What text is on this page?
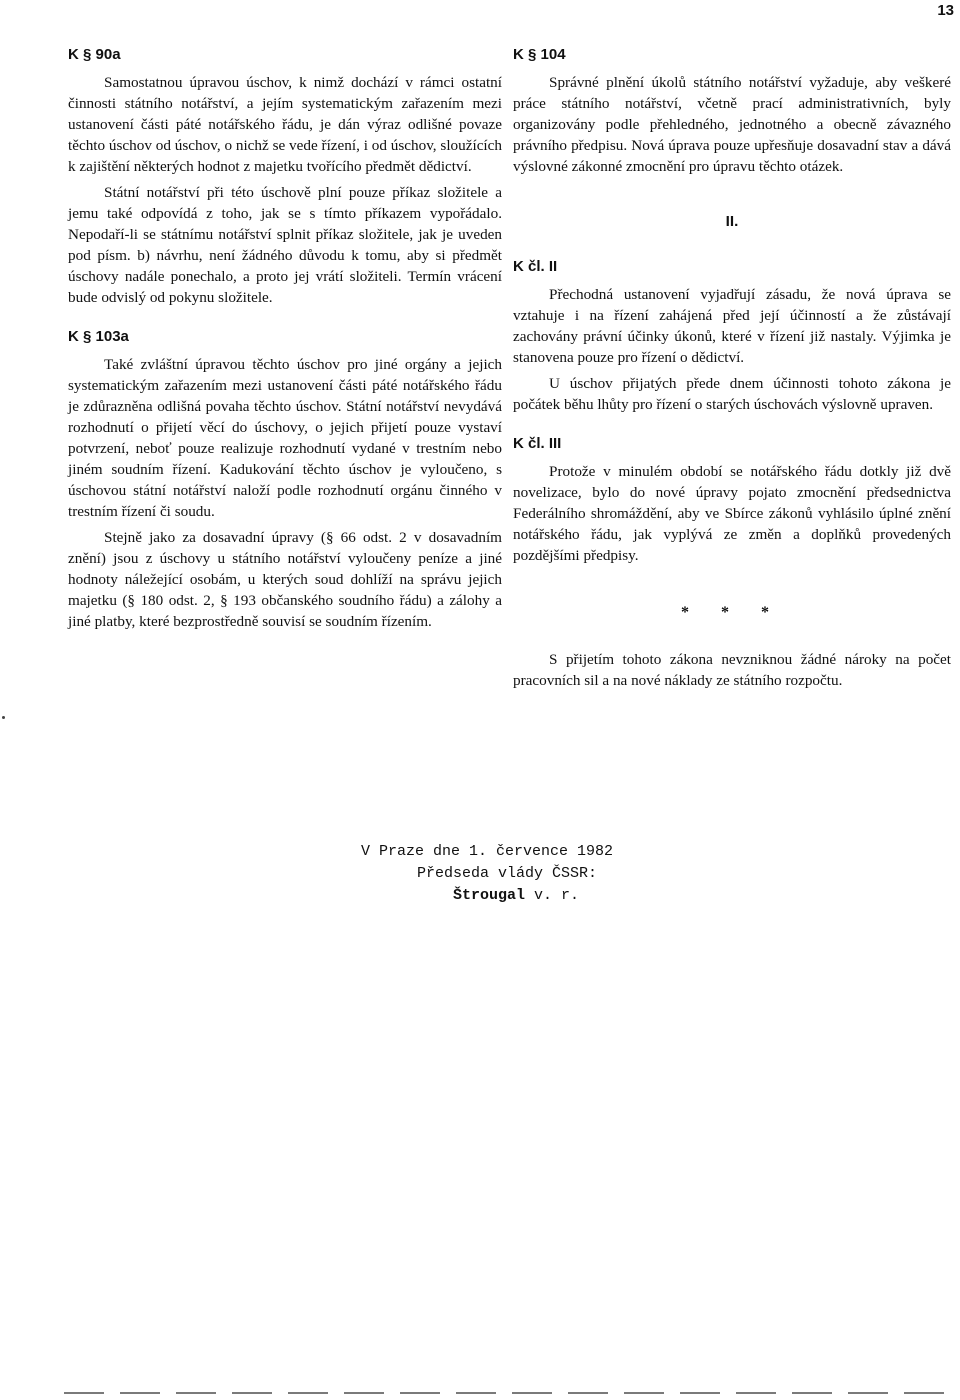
13
K § 90a

Samostatnou úpravou úschov, k nimž dochází v rámci ostatní činnosti státního notářství, a jejím systematickým zařazením mezi ustanovení části páté notářského řádu, je dán výraz odlišné povaze těchto úschov od úschov, o nichž se vede řízení, i od úschov, sloužících k zajištění některých hodnot z majetku tvořícího předmět dědictví.

Státní notářství při této úschově plní pouze příkaz složitele a jemu také odpovídá z toho, jak se s tímto příkazem vypořádalo. Nepodaří-li se státnímu notářství splnit příkaz složitele, jak je uveden pod písm. b) návrhu, není žádného důvodu k tomu, aby si předmět úschovy nadále ponechalo, a proto jej vrátí složiteli. Termín vrácení bude odvislý od pokynu složitele.

K § 103a

Také zvláštní úpravou těchto úschov pro jiné orgány a jejich systematickým zařazením mezi ustanovení části páté notářského řádu je zdůrazněna odlišná povaha těchto úschov. Státní notářství nevydává rozhodnutí o přijetí věcí do úschovy, o jejich přijetí pouze vystaví potvrzení, neboť pouze realizuje rozhodnutí vydané v trestním nebo jiném soudním řízení. Kadukování těchto úschov je vyloučeno, s úschovou státní notářství naloží podle rozhodnutí orgánu činného v trestním řízení či soudu.

Stejně jako za dosavadní úpravy (§ 66 odst. 2 v dosavadním znění) jsou z úschovy u státního notářství vyloučeny peníze a jiné hodnoty náležející osobám, u kterých soud dohlíží na správu jejich majetku (§ 180 odst. 2, § 193 občanského soudního řádu) a zálohy a jiné platby, které bezprostředně souvisí se soudním řízením.

K § 104

Správné plnění úkolů státního notářství vyžaduje, aby veškeré práce státního notářství, včetně prací administrativních, byly organizovány podle přehledného, jednotného a obecně závazného právního předpisu. Nová úprava pouze upřesňuje dosavadní stav a dává výslovné zákonné zmocnění pro úpravu těchto otázek.

II.
K čl. II

Přechodná ustanovení vyjadřují zásadu, že nová úprava se vztahuje i na řízení zahájená před její účinností a že zůstávají zachovány právní účinky úkonů, které v řízení již nastaly. Výjimka je stanovena pouze pro řízení o dědictví.

U úschov přijatých přede dnem účinnosti tohoto zákona je počátek běhu lhůty pro řízení o starých úschovách výslovně upraven.

K čl. III

Protože v minulém období se notářského řádu dotkly již dvě novelizace, bylo do nové úpravy pojato zmocnění předsednictva Federálního shromáždění, aby ve Sbírce zákonů vyhlásilo úplné znění notářského řádu, jak vyplývá ze změn a doplňků provedených pozdějšími předpisy.

* * *

S přijetím tohoto zákona nevzniknou žádné nároky na počet pracovních sil a na nové náklady ze státního rozpočtu.

V Praze dne 1. července 1982
Předseda vlády ČSSR:
Štrougal v. r.
